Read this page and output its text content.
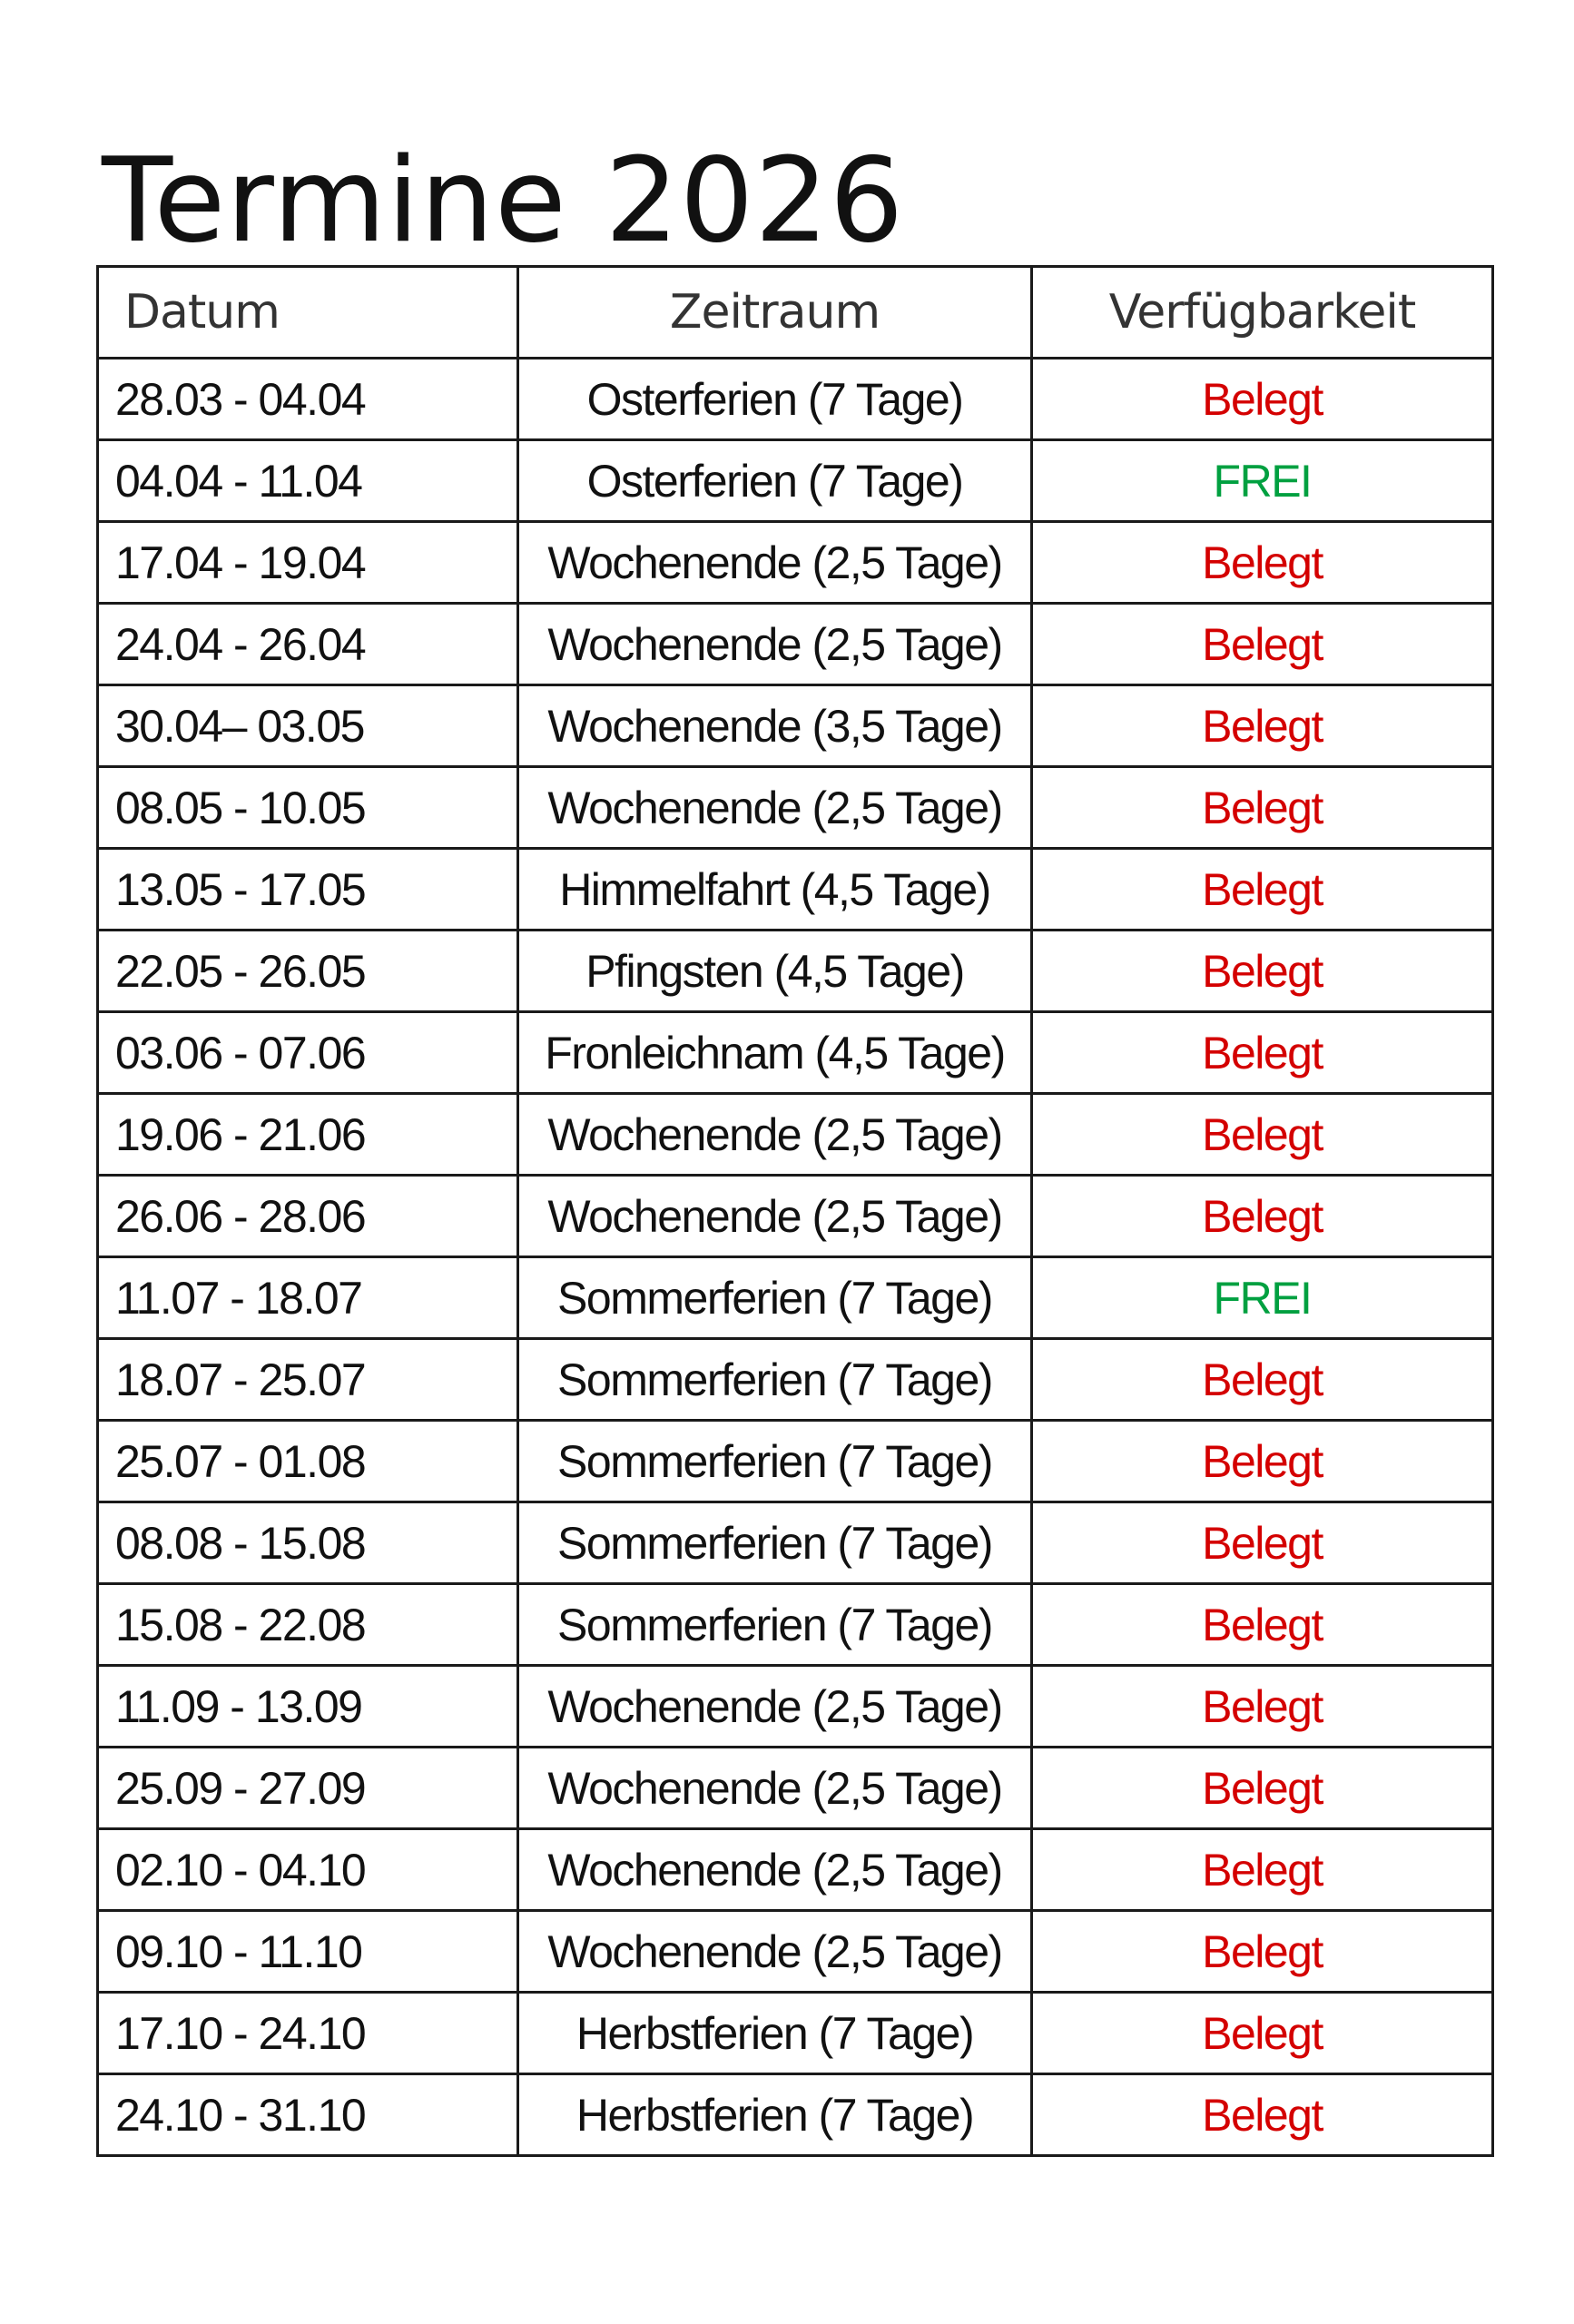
Termine 2026
Datum	Zeitraum	Verfügbarkeit
28.03 - 04.04	Osterferien (7 Tage)	Belegt
04.04 - 11.04	Osterferien (7 Tage)	FREI
17.04 - 19.04	Wochenende (2,5 Tage)	Belegt
24.04 - 26.04	Wochenende (2,5 Tage)	Belegt
30.04– 03.05	Wochenende (3,5 Tage)	Belegt
08.05 - 10.05	Wochenende (2,5 Tage)	Belegt
13.05 - 17.05	Himmelfahrt (4,5 Tage)	Belegt
22.05 - 26.05	Pfingsten (4,5 Tage)	Belegt
03.06 - 07.06	Fronleichnam (4,5 Tage)	Belegt
19.06 - 21.06	Wochenende (2,5 Tage)	Belegt
26.06 - 28.06	Wochenende (2,5 Tage)	Belegt
11.07 - 18.07	Sommerferien (7 Tage)	FREI
18.07 - 25.07	Sommerferien (7 Tage)	Belegt
25.07 - 01.08	Sommerferien (7 Tage)	Belegt
08.08 - 15.08	Sommerferien (7 Tage)	Belegt
15.08 - 22.08	Sommerferien (7 Tage)	Belegt
11.09 - 13.09	Wochenende (2,5 Tage)	Belegt
25.09 - 27.09	Wochenende (2,5 Tage)	Belegt
02.10 - 04.10	Wochenende (2,5 Tage)	Belegt
09.10 - 11.10	Wochenende (2,5 Tage)	Belegt
17.10 - 24.10	Herbstferien (7 Tage)	Belegt
24.10 - 31.10	Herbstferien (7 Tage)	Belegt
